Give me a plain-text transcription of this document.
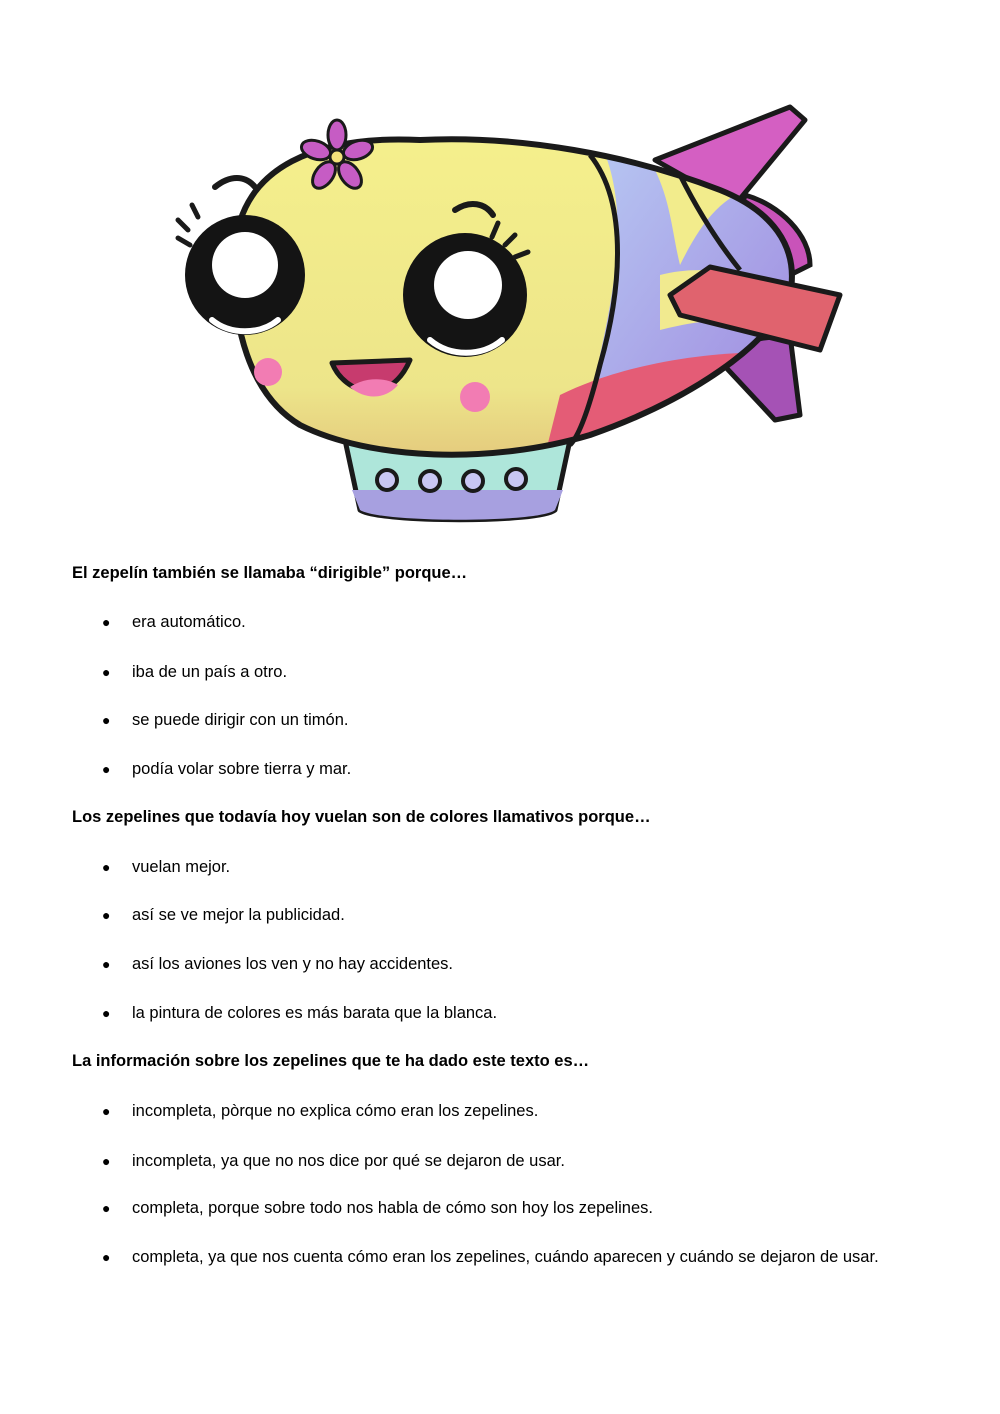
El zepelín también se llamaba “dirigible” porque…

●	era automático.
●	iba de un país a otro.
●	se puede dirigir con un timón.
●	podía volar sobre tierra y mar.

Los zepelines que todavía hoy vuelan son de colores llamativos porque…

●	vuelan mejor.
●	así se ve mejor la publicidad.
●	así los aviones los ven y no hay accidentes.
●	la pintura de colores es más barata que la blanca.

La información sobre los zepelines que te ha dado este texto es…

●	incompleta, pòrque no explica cómo eran los zepelines.
●	incompleta, ya que no nos dice por qué se dejaron de usar.
●	completa, porque sobre todo nos habla de cómo son hoy los zepelines.
●	completa, ya que nos cuenta cómo eran los zepelines, cuándo aparecen y cuándo se dejaron de usar.
